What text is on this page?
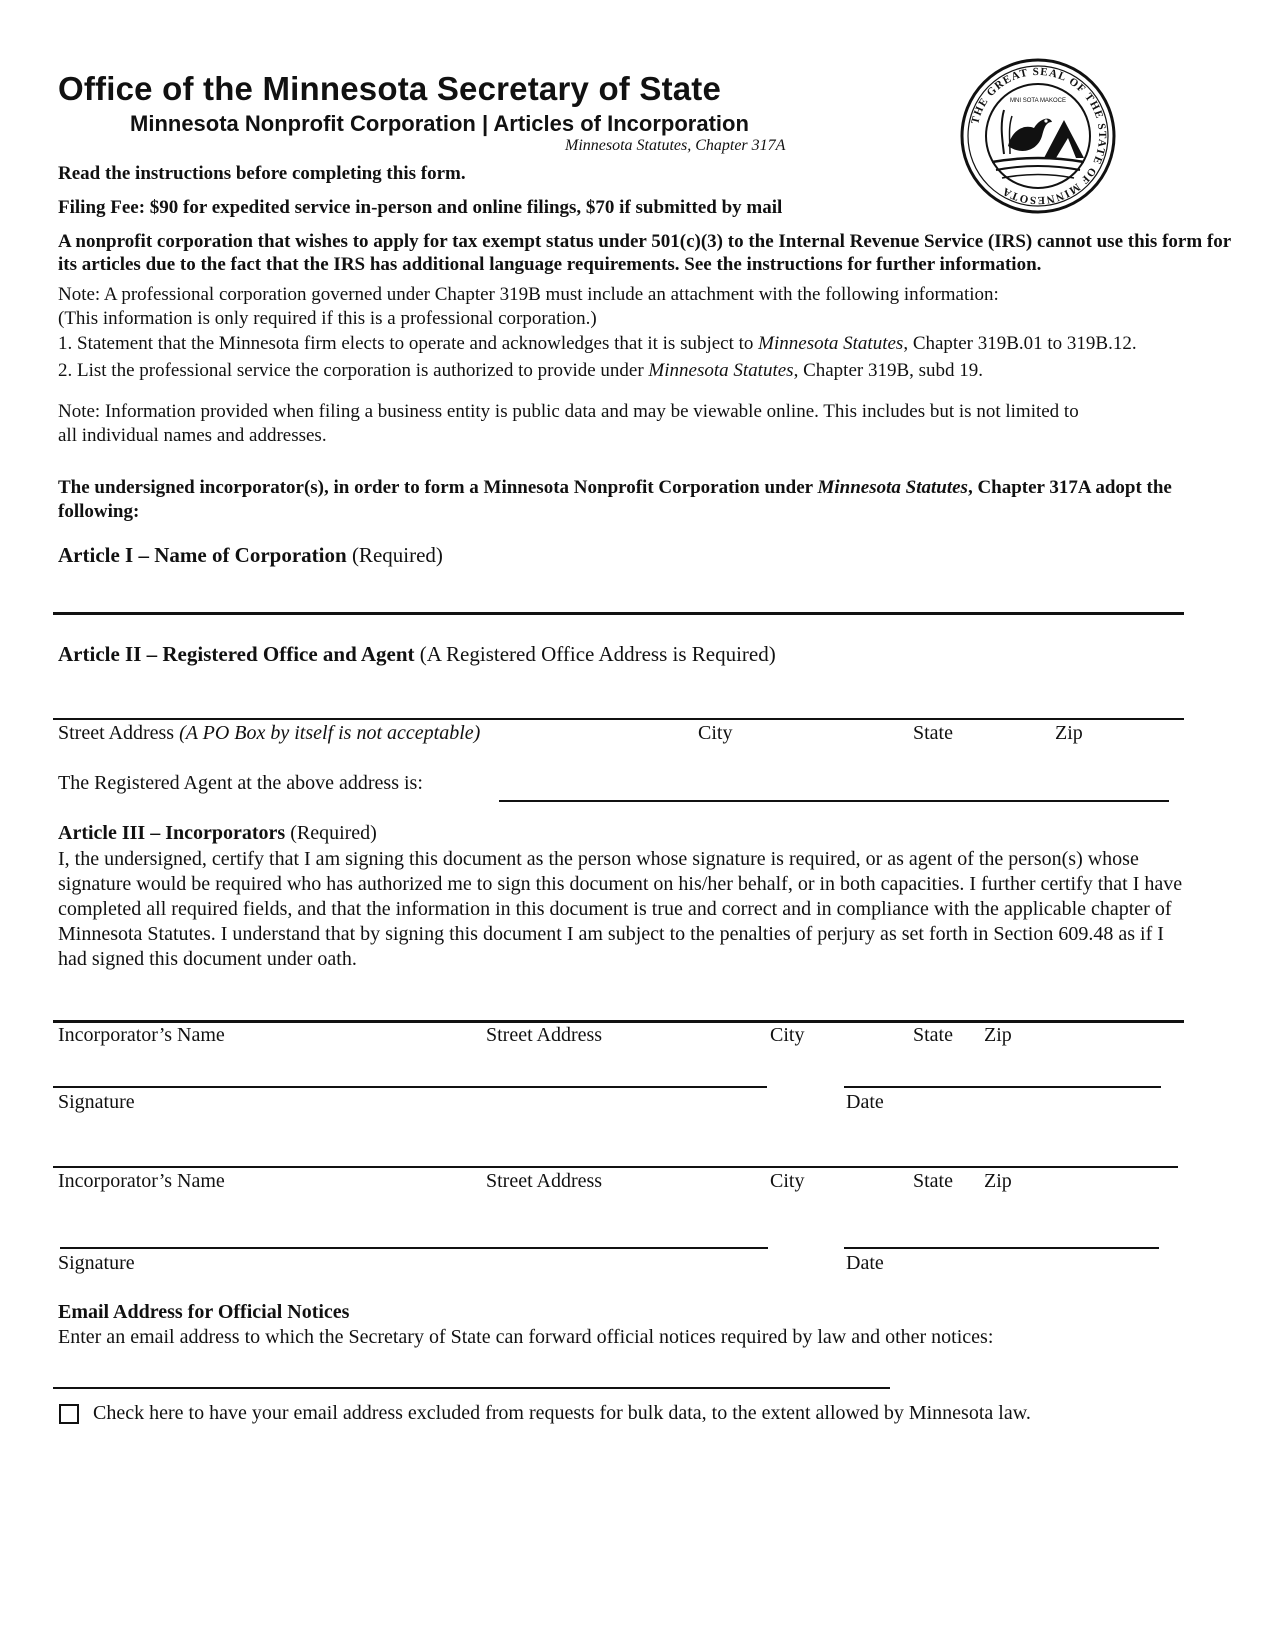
Office of the Minnesota Secretary of State
Minnesota Nonprofit Corporation | Articles of Incorporation
Minnesota Statutes, Chapter 317A
THE GREAT SEAL OF THE STATE OF MINNESOTA
MNI SOTA MAKOCE
Read the instructions before completing this form.
Filing Fee: $90 for expedited service in-person and online filings, $70 if submitted by mail
A nonprofit corporation that wishes to apply for tax exempt status under 501(c)(3) to the Internal Revenue Service (IRS) cannot use this form for its articles due to the fact that the IRS has additional language requirements. See the instructions for further information.
Note: A professional corporation governed under Chapter 319B must include an attachment with the following information:
(This information is only required if this is a professional corporation.)
1. Statement that the Minnesota firm elects to operate and acknowledges that it is subject to Minnesota Statutes, Chapter 319B.01 to 319B.12.
2. List the professional service the corporation is authorized to provide under Minnesota Statutes, Chapter 319B, subd 19.
Note: Information provided when filing a business entity is public data and may be viewable online. This includes but is not limited to
all individual names and addresses.
The undersigned incorporator(s), in order to form a Minnesota Nonprofit Corporation under Minnesota Statutes, Chapter 317A adopt the following:
Article I – Name of Corporation (Required)
Article II – Registered Office and Agent (A Registered Office Address is Required)
Street Address (A PO Box by itself is not acceptable)	City	State	Zip
The Registered Agent at the above address is:
Article III – Incorporators (Required)
I, the undersigned, certify that I am signing this document as the person whose signature is required, or as agent of the person(s) whose signature would be required who has authorized me to sign this document on his/her behalf, or in both capacities. I further certify that I have completed all required fields, and that the information in this document is true and correct and in compliance with the applicable chapter of Minnesota Statutes. I understand that by signing this document I am subject to the penalties of perjury as set forth in Section 609.48 as if I had signed this document under oath.
Incorporator’s Name	Street Address	City	State Zip
Signature	Date
Incorporator’s Name	Street Address	City	State Zip
Signature	Date
Email Address for Official Notices
Enter an email address to which the Secretary of State can forward official notices required by law and other notices:
Check here to have your email address excluded from requests for bulk data, to the extent allowed by Minnesota law.
